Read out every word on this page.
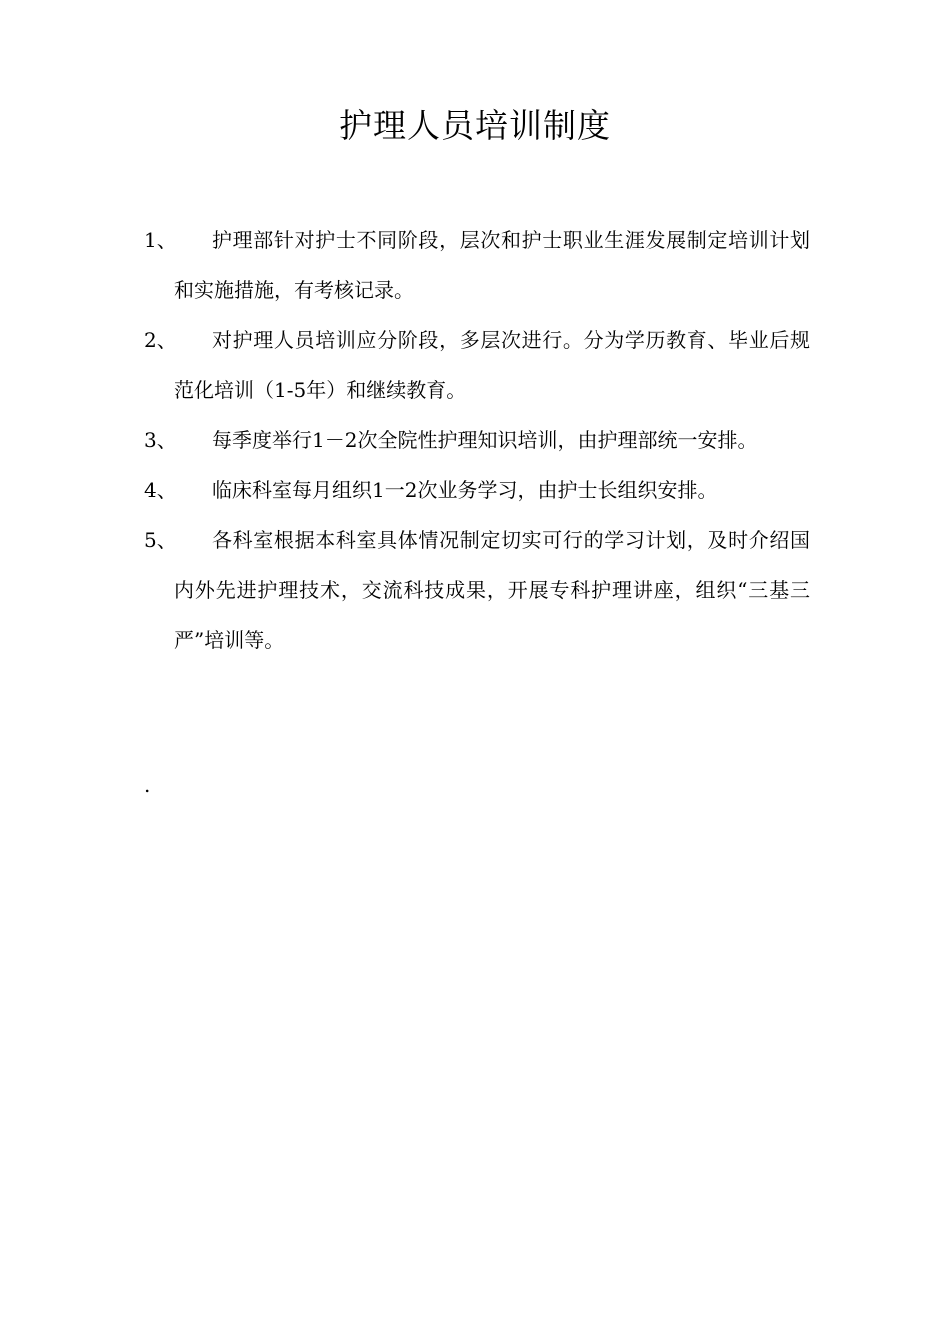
护理人员培训制度
1、	护理部针对护士不同阶段，层次和护士职业生涯发展制定培训计划和实施措施，有考核记录。
2、	对护理人员培训应分阶段，多层次进行。分为学历教育、毕业后规范化培训（1-5年）和继续教育。
3、	每季度举行1－2次全院性护理知识培训，由护理部统一安排。
4、	临床科室每月组织1一2次业务学习，由护士长组织安排。
5、	各科室根据本科室具体情况制定切实可行的学习计划，及时介绍国内外先进护理技术，交流科技成果，开展专科护理讲座，组织“三基三严”培训等。
.
